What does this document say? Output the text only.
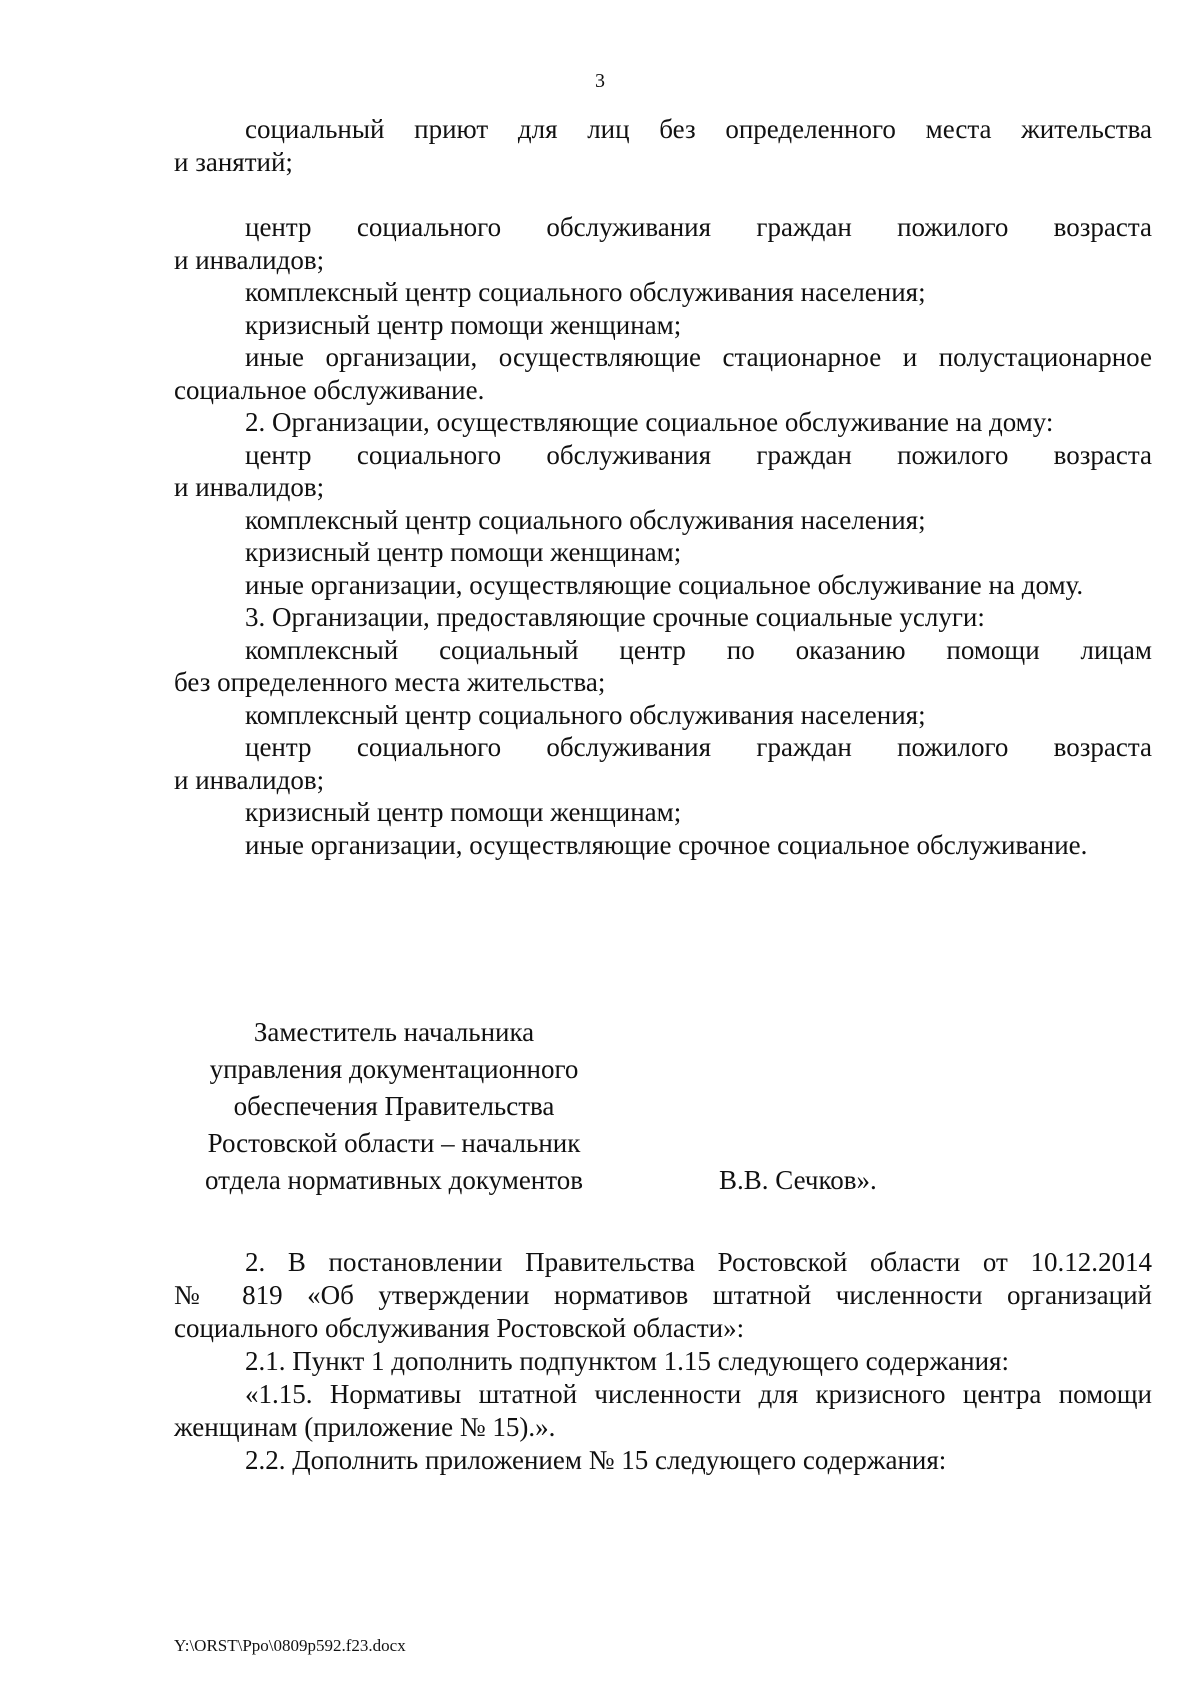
3
социальный приют для лиц без определенного места жительства
и занятий;
центр социального обслуживания граждан пожилого возраста
и инвалидов;
комплексный центр социального обслуживания населения;
кризисный центр помощи женщинам;
иные организации, осуществляющие стационарное и полустационарное
социальное обслуживание.
2. Организации, осуществляющие социальное обслуживание на дому:
центр социального обслуживания граждан пожилого возраста
и инвалидов;
комплексный центр социального обслуживания населения;
кризисный центр помощи женщинам;
иные организации, осуществляющие социальное обслуживание на дому.
3. Организации, предоставляющие срочные социальные услуги:
комплексный социальный центр по оказанию помощи лицам
без определенного места жительства;
комплексный центр социального обслуживания населения;
центр социального обслуживания граждан пожилого возраста
и инвалидов;
кризисный центр помощи женщинам;
иные организации, осуществляющие срочное социальное обслуживание.
Заместитель начальника
управления документационного
обеспечения Правительства
Ростовской области – начальник
отдела нормативных документов	В.В. Сечков».
2. В постановлении Правительства Ростовской области от 10.12.2014
№ 819 «Об утверждении нормативов штатной численности организаций
социального обслуживания Ростовской области»:
2.1. Пункт 1 дополнить подпунктом 1.15 следующего содержания:
«1.15. Нормативы штатной численности для кризисного центра помощи
женщинам (приложение № 15).».
2.2. Дополнить приложением № 15 следующего содержания:
Y:\ORST\Ppo\0809p592.f23.docx
